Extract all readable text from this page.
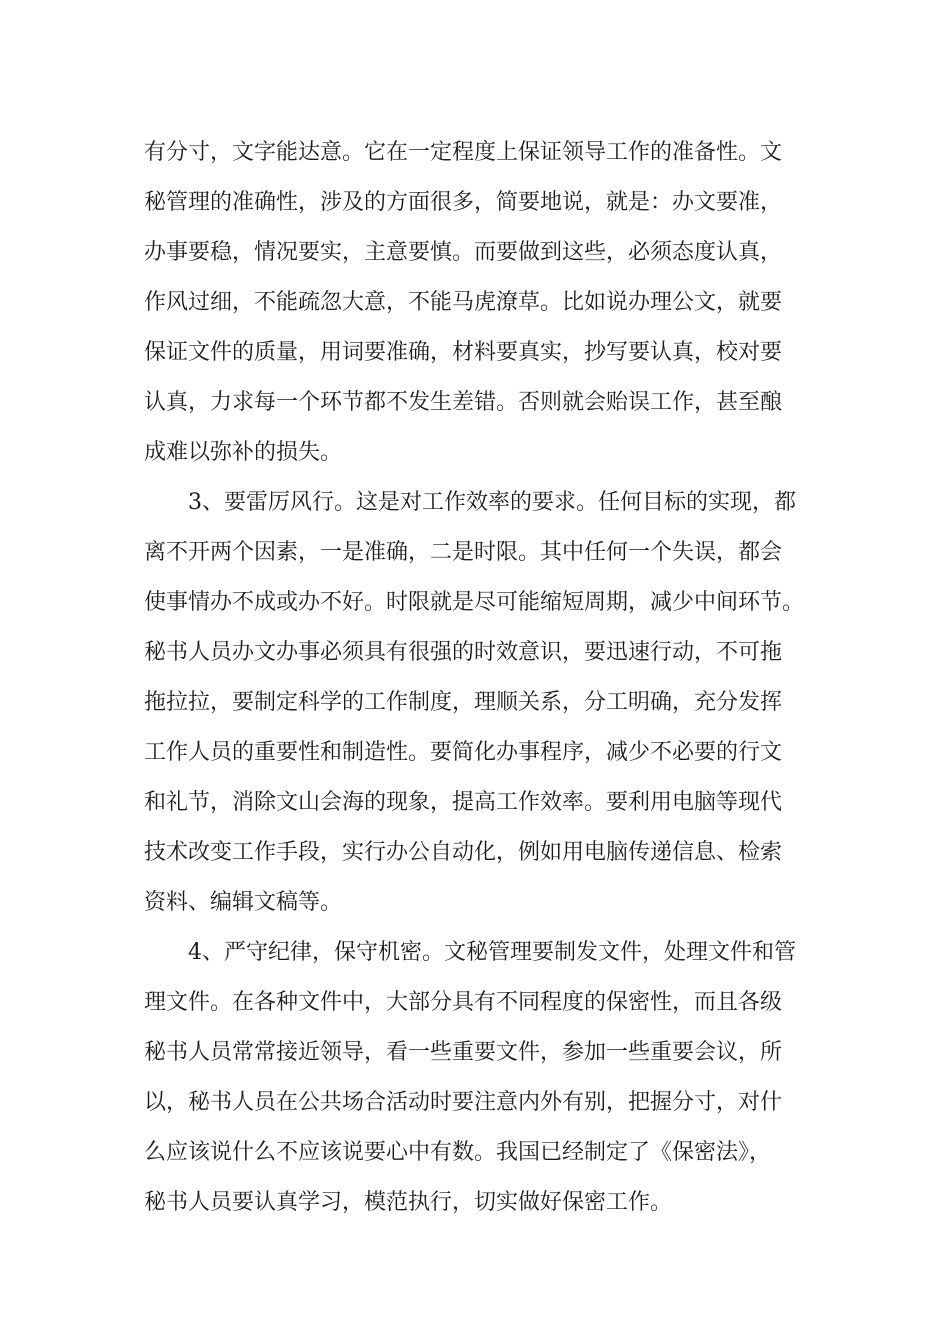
有分寸，文字能达意。它在一定程度上保证领导工作的准备性。文
秘管理的准确性，涉及的方面很多，简要地说，就是：办文要准，
办事要稳，情况要实，主意要慎。而要做到这些，必须态度认真，
作风过细，不能疏忽大意，不能马虎潦草。比如说办理公文，就要
保证文件的质量，用词要准确，材料要真实，抄写要认真，校对要
认真，力求每一个环节都不发生差错。否则就会贻误工作，甚至酿
成难以弥补的损失。
3、要雷厉风行。这是对工作效率的要求。任何目标的实现，都
离不开两个因素，一是准确，二是时限。其中任何一个失误，都会
使事情办不成或办不好。时限就是尽可能缩短周期，减少中间环节。
秘书人员办文办事必须具有很强的时效意识，要迅速行动，不可拖
拖拉拉，要制定科学的工作制度，理顺关系，分工明确，充分发挥
工作人员的重要性和制造性。要简化办事程序，减少不必要的行文
和礼节，消除文山会海的现象，提高工作效率。要利用电脑等现代
技术改变工作手段，实行办公自动化，例如用电脑传递信息、检索
资料、编辑文稿等。
4、严守纪律，保守机密。文秘管理要制发文件，处理文件和管
理文件。在各种文件中，大部分具有不同程度的保密性，而且各级
秘书人员常常接近领导，看一些重要文件，参加一些重要会议，所
以，秘书人员在公共场合活动时要注意内外有别，把握分寸，对什
么应该说什么不应该说要心中有数。我国已经制定了《保密法》，
秘书人员要认真学习，模范执行，切实做好保密工作。
